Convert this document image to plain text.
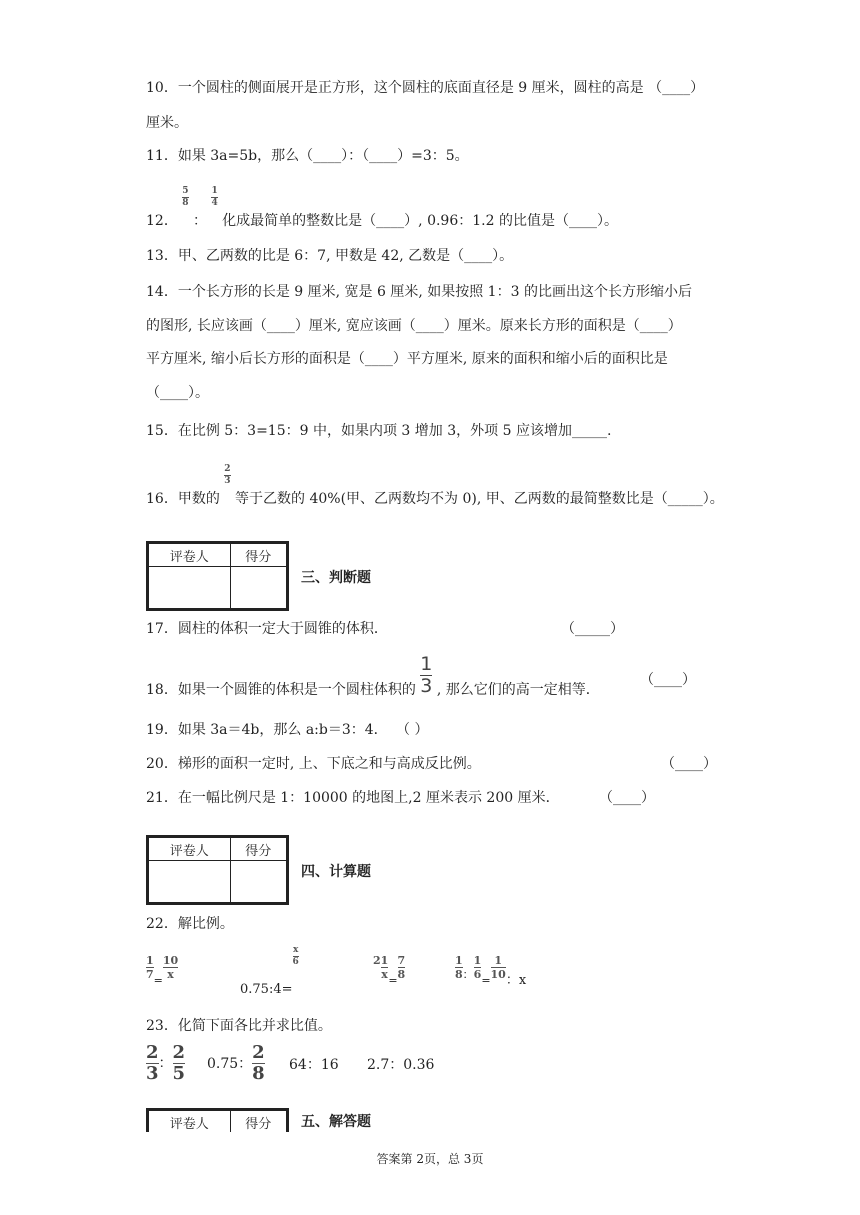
10．一个圆柱的侧面展开是正方形，这个圆柱的底面直径是 9 厘米，圆柱的高是 （____）
厘米。
11．如果 3a=5b，那么（____）：（____）=3：5。
12．
$\frac{5}{8}$
：
$\frac{1}{4}$
化成最简单的整数比是（____）, 0.96：1.2 的比值是（____）。
13．甲、乙两数的比是 6：7, 甲数是 42, 乙数是（____）。
14．一个长方形的长是 9 厘米, 宽是 6 厘米, 如果按照 1：3 的比画出这个长方形缩小后
的图形, 长应该画（____）厘米, 宽应该画（____）厘米。原来长方形的面积是（____）
平方厘米, 缩小后长方形的面积是（____）平方厘米, 原来的面积和缩小后的面积比是
（____）。
15．在比例 5：3=15：9 中，如果内项 3 增加 3，外项 5 应该增加_____.
16．甲数的
$\frac{2}{3}$
等于乙数的 40%(甲、乙两数均不为 0), 甲、乙两数的最简整数比是（_____）。
评卷人	得分

三、判断题
17．圆柱的体积一定大于圆锥的体积．	（_____）
18．如果一个圆锥的体积是一个圆柱体积的 $\frac{1}{3}$ , 那么它们的高一定相等．
（____）
19．如果 3a＝4b，那么 a:b＝3：4． （ ）
20．梯形的面积一定时, 上、下底之和与高成反比例。	（____）
21．在一幅比例尺是 1：10000 的地图上,2 厘米表示 200 厘米．	（____）
评卷人	得分

四、计算题
22．解比例。
$\frac{1}{7} _= \frac{10}{x}$
0.75:4=
$\frac{x}{6}$	$^2 \frac{1}{x} _= \frac{7}{8}$	$\frac{1}{8} _: \frac{1}{6} _= \frac{1}{10}$ ：x
23．化简下面各比并求比值。
$\frac{2}{3}$ ： $\frac{2}{5} 0.75$： $\frac{2}{8} 64$：16 2.7：0.36
评卷人	得分 五、解答题
答案第 2页，总 3页
